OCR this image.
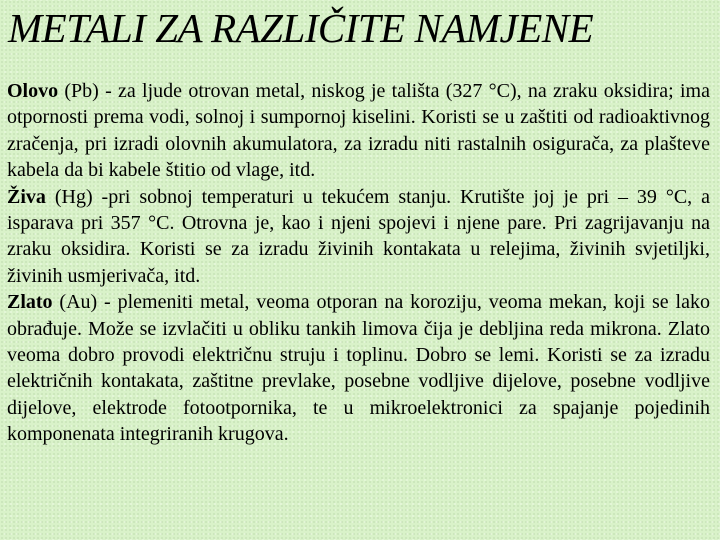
METALI ZA RAZLIČITE NAMJENE

Olovo (Pb) - za ljude otrovan metal, niskog je tališta (327 °C), na zraku oksidira; ima otpornosti prema vodi, solnoj i sumpornoj kiselini. Koristi se u zaštiti od radioaktivnog zračenja, pri izradi olovnih akumulatora, za izradu niti rastalnih osigurača, za plašteve kabela da bi kabele štitio od vlage, itd.

Živa (Hg) -pri sobnoj temperaturi u tekućem stanju. Krutište joj je pri – 39 °C, a isparava pri 357 °C. Otrovna je, kao i njeni spojevi i njene pare. Pri zagrijavanju na zraku oksidira. Koristi se za izradu živinih kontakata u relejima, živinih svjetiljki, živinih usmjerivača, itd.

Zlato (Au) - plemeniti metal, veoma otporan na koroziju, veoma mekan, koji se lako obrađuje. Može se izvlačiti u obliku tankih limova čija je debljina reda mikrona. Zlato veoma dobro provodi električnu struju i toplinu. Dobro se lemi. Koristi se za izradu električnih kontakata, zaštitne prevlake, posebne vodljive dijelove, posebne vodljive dijelove, elektrode fotootpornika, te u mikroelektronici za spajanje pojedinih komponenata integriranih krugova.
